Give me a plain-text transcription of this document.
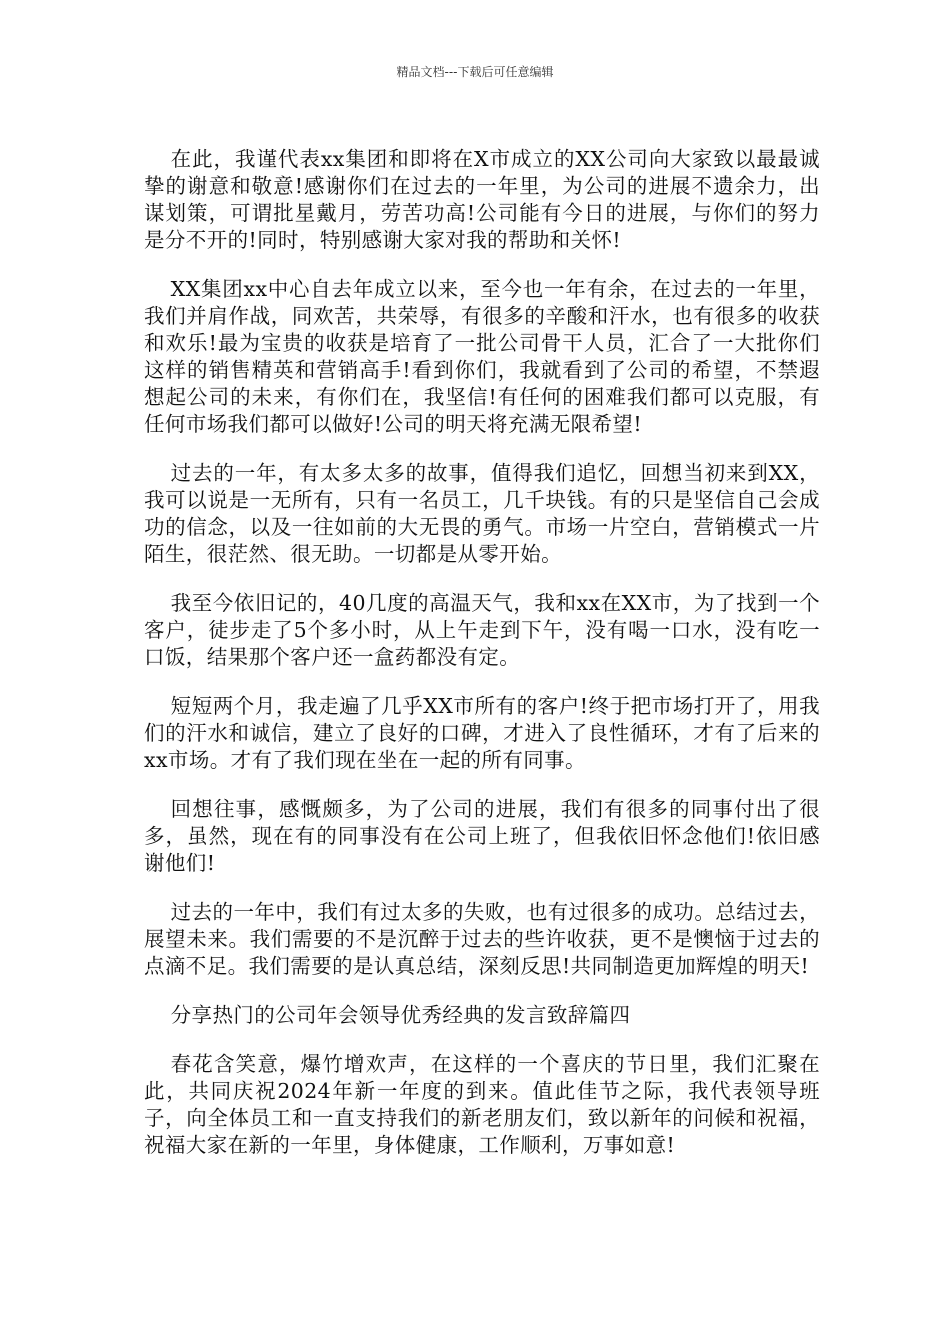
精品文档---下载后可任意编辑

在此，我谨代表xx集团和即将在X市成立的XX公司向大家致以最最诚挚的谢意和敬意!感谢你们在过去的一年里，为公司的进展不遗余力，出谋划策，可谓批星戴月，劳苦功高!公司能有今日的进展，与你们的努力是分不开的!同时，特别感谢大家对我的帮助和关怀!

XX集团xx中心自去年成立以来，至今也一年有余，在过去的一年里，我们并肩作战，同欢苦，共荣辱，有很多的辛酸和汗水，也有很多的收获和欢乐!最为宝贵的收获是培育了一批公司骨干人员，汇合了一大批你们这样的销售精英和营销高手!看到你们，我就看到了公司的希望，不禁遐想起公司的未来，有你们在，我坚信!有任何的困难我们都可以克服，有任何市场我们都可以做好!公司的明天将充满无限希望!

过去的一年，有太多太多的故事，值得我们追忆，回想当初来到XX，我可以说是一无所有，只有一名员工，几千块钱。有的只是坚信自己会成功的信念，以及一往如前的大无畏的勇气。市场一片空白，营销模式一片陌生，很茫然、很无助。一切都是从零开始。

我至今依旧记的，40几度的高温天气，我和xx在XX市，为了找到一个客户，徒步走了5个多小时，从上午走到下午，没有喝一口水，没有吃一口饭，结果那个客户还一盒药都没有定。

短短两个月，我走遍了几乎XX市所有的客户!终于把市场打开了，用我们的汗水和诚信，建立了良好的口碑，才进入了良性循环，才有了后来的xx市场。才有了我们现在坐在一起的所有同事。

回想往事，感慨颇多，为了公司的进展，我们有很多的同事付出了很多，虽然，现在有的同事没有在公司上班了，但我依旧怀念他们!依旧感谢他们!

过去的一年中，我们有过太多的失败，也有过很多的成功。总结过去，展望未来。我们需要的不是沉醉于过去的些许收获，更不是懊恼于过去的点滴不足。我们需要的是认真总结，深刻反思!共同制造更加辉煌的明天!

分享热门的公司年会领导优秀经典的发言致辞篇四

春花含笑意，爆竹增欢声，在这样的一个喜庆的节日里，我们汇聚在此，共同庆祝2024年新一年度的到来。值此佳节之际，我代表领导班子，向全体员工和一直支持我们的新老朋友们，致以新年的问候和祝福，祝福大家在新的一年里，身体健康，工作顺利，万事如意!
